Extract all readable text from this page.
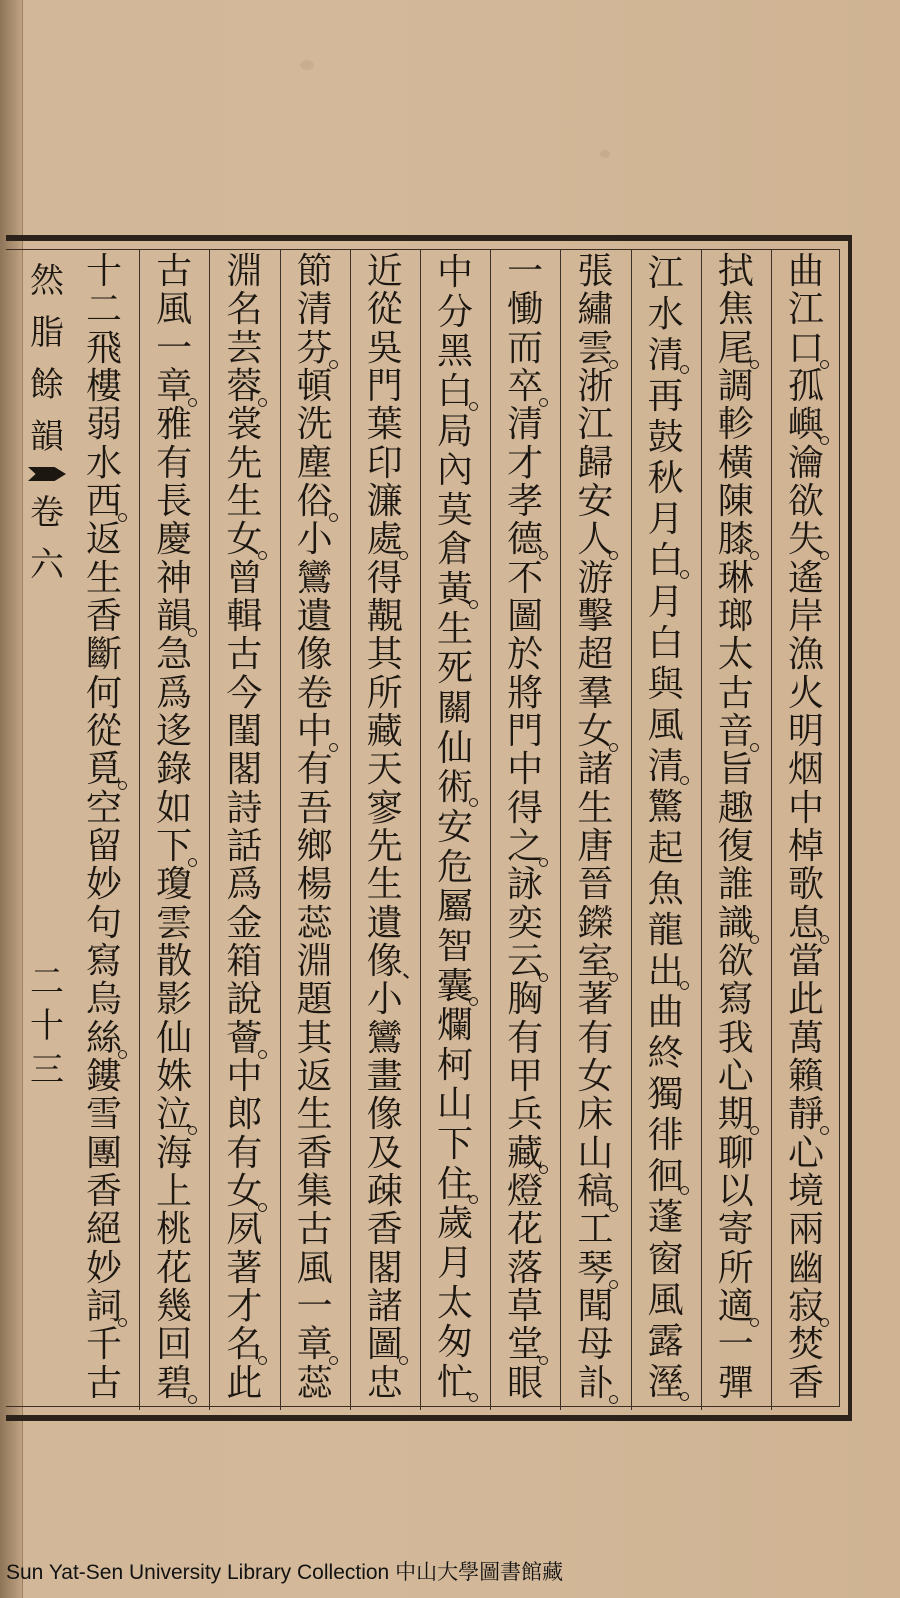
然
脂
餘
韻
卷
六
二
十
三
曲
江
口
孤
嶼
瀹
欲
失
遙
岸
漁
火
明
烟
中
棹
歌
息
當
此
萬
籟
靜
心
境
兩
幽
寂
焚
香
拭
焦
尾
調
軫
橫
陳
膝
琳
瑯
太
古
音
旨
趣
復
誰
識
欲
寫
我
心
期
聊
以
寄
所
適
一
彈
江
水
清
再
鼓
秋
月
白
月
白
與
風
清
驚
起
魚
龍
出
曲
終
獨
徘
徊
蓬
窗
風
露
溼
張
繡
雲
浙
江
歸
安
人
游
擊
超
羣
女
諸
生
唐
晉
鑅
室
著
有
女
床
山
稿
工
琴
聞
母
訃
一
慟
而
卒
清
才
孝
德
不
圖
於
將
門
中
得
之
詠
奕
云
胸
有
甲
兵
藏
燈
花
落
草
堂
眼
中
分
黑
白
局
內
莫
倉
黃
生
死
關
仙
術
安
危
屬
智
囊
爛
柯
山
下
住
歲
月
太
匆
忙
近
從
吳
門
葉
印
濂
處
得
覯
其
所
藏
天
寥
先
生
遺
像
小
鸞
畫
像
及
疎
香
閣
諸
圖
忠
節
清
芬
頓
洗
塵
俗
小
鸞
遺
像
卷
中
有
吾
鄉
楊
蕊
淵
題
其
返
生
香
集
古
風
一
章
蕊
淵
名
芸
蓉
裳
先
生
女
曾
輯
古
今
閨
閣
詩
話
爲
金
箱
說
薈
中
郎
有
女
夙
著
才
名
此
古
風
一
章
雅
有
長
慶
神
韻
急
爲
迻
錄
如
下
瓊
雲
散
影
仙
姝
泣
海
上
桃
花
幾
回
碧
十
二
飛
樓
弱
水
西
返
生
香
斷
何
從
覓
空
留
妙
句
寫
烏
絲
鏤
雪
團
香
絕
妙
詞
千
古
Sun Yat-Sen University Library Collection 中山大學圖書館藏
